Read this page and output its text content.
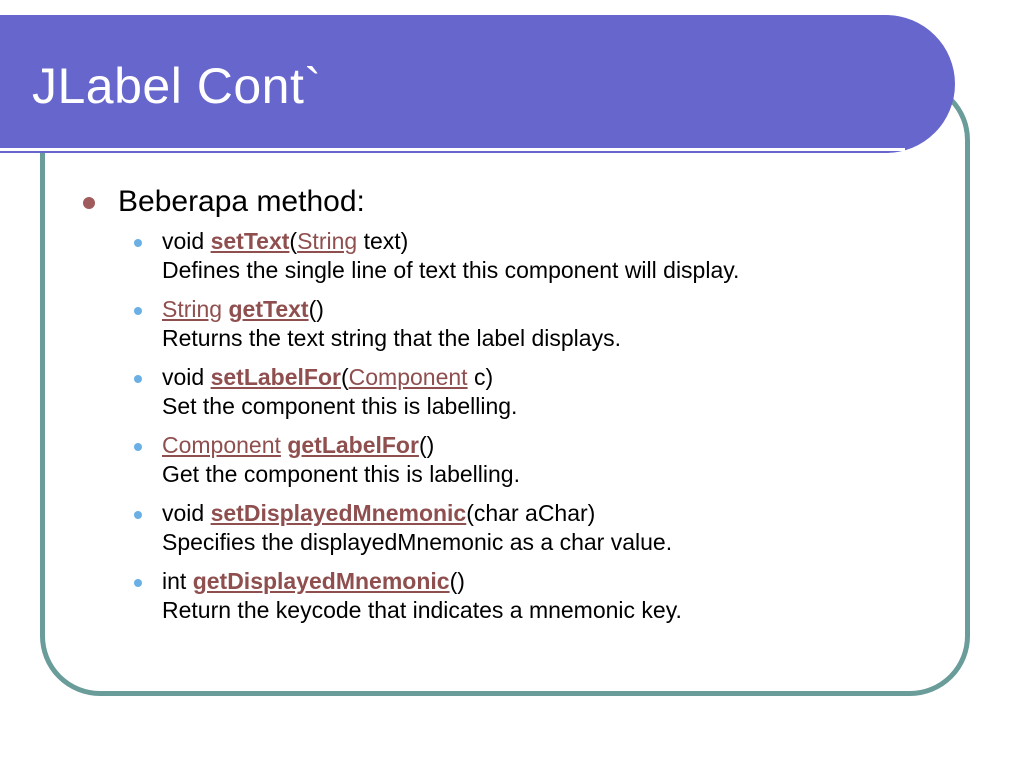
JLabel Cont`
Beberapa method:
void setText(String text)
Defines the single line of text this component will display.
String getText()
Returns the text string that the label displays.
void setLabelFor(Component c)
Set the component this is labelling.
Component getLabelFor()
Get the component this is labelling.
void setDisplayedMnemonic(char aChar)
Specifies the displayedMnemonic as a char value.
int getDisplayedMnemonic()
Return the keycode that indicates a mnemonic key.
